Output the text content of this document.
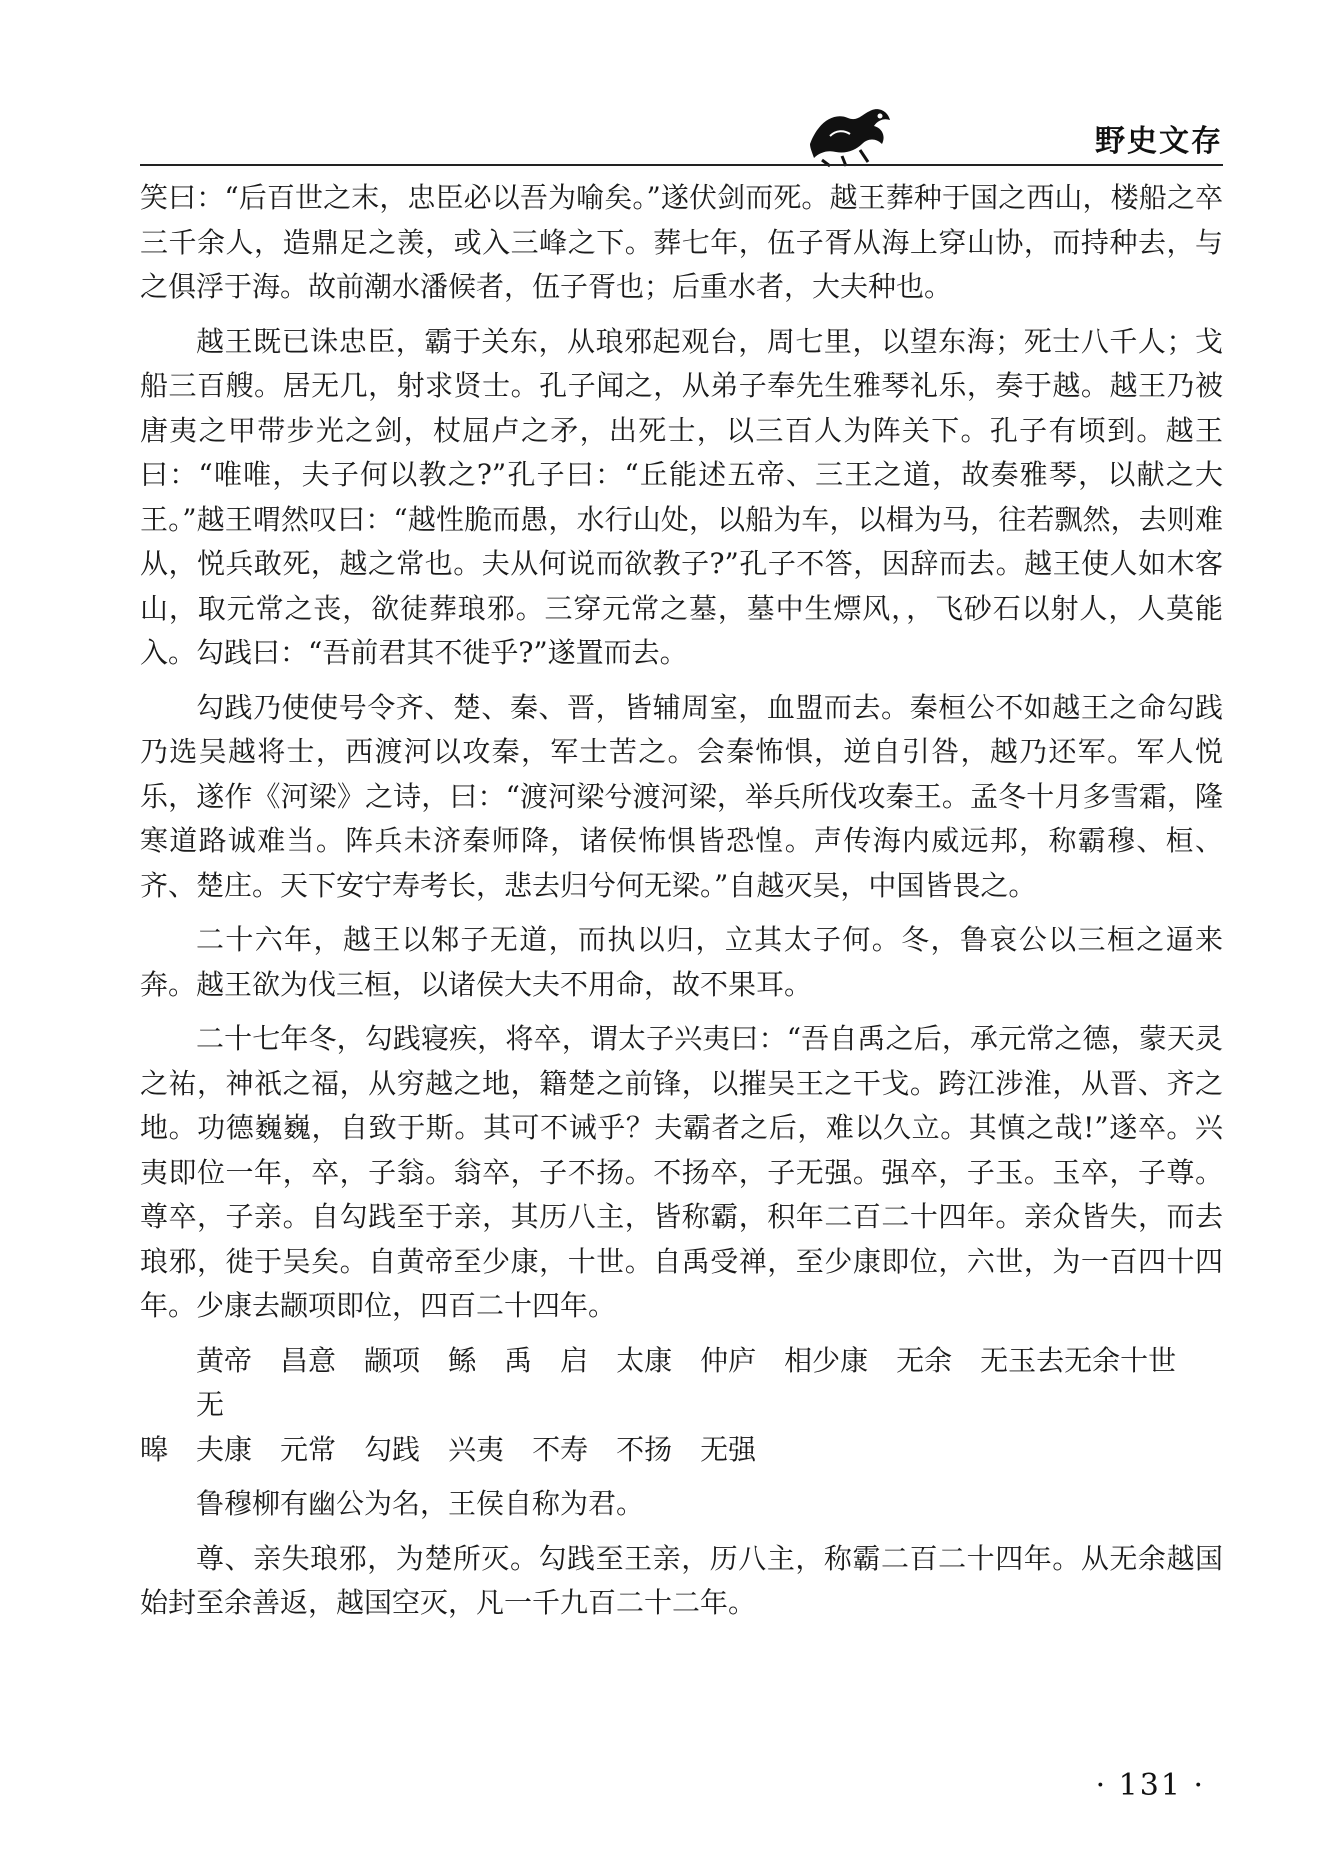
野史文存

笑曰：“后百世之末，忠臣必以吾为喻矣。”遂伏剑而死。越王葬种于国之西山，楼船之卒三千余人，造鼎足之羡，或入三峰之下。葬七年，伍子胥从海上穿山协，而持种去，与之俱浮于海。故前潮水潘候者，伍子胥也；后重水者，大夫种也。

越王既已诛忠臣，霸于关东，从琅邪起观台，周七里，以望东海；死士八千人；戈船三百艘。居无几，射求贤士。孔子闻之，从弟子奉先生雅琴礼乐，奏于越。越王乃被唐夷之甲带步光之剑，杖屈卢之矛，出死士，以三百人为阵关下。孔子有顷到。越王曰：“唯唯，夫子何以教之?”孔子曰：“丘能述五帝、三王之道，故奏雅琴，以献之大王。”越王喟然叹曰：“越性脆而愚，水行山处，以船为车，以楫为马，往若飘然，去则难从，悦兵敢死，越之常也。夫从何说而欲教子?”孔子不答，因辞而去。越王使人如木客山，取元常之丧，欲徒葬琅邪。三穿元常之墓，墓中生熛风，，飞砂石以射人，人莫能入。勾践曰：“吾前君其不徙乎?”遂置而去。

勾践乃使使号令齐、楚、秦、晋，皆辅周室，血盟而去。秦桓公不如越王之命勾践乃选吴越将士，西渡河以攻秦，军士苦之。会秦怖惧，逆自引咎，越乃还军。军人悦乐，遂作《河梁》之诗，曰：“渡河梁兮渡河梁，举兵所伐攻秦王。孟冬十月多雪霜，隆寒道路诚难当。阵兵未济秦师降，诸侯怖惧皆恐惶。声传海内威远邦，称霸穆、桓、齐、楚庄。天下安宁寿考长，悲去归兮何无梁。”自越灭吴，中国皆畏之。

二十六年，越王以邾子无道，而执以归，立其太子何。冬，鲁哀公以三桓之逼来奔。越王欲为伐三桓，以诸侯大夫不用命，故不果耳。

二十七年冬，勾践寝疾，将卒，谓太子兴夷曰：“吾自禹之后，承元常之德，蒙天灵之祐，神祇之福，从穷越之地，籍楚之前锋，以摧吴王之干戈。跨江涉淮，从晋、齐之地。功德巍巍，自致于斯。其可不诫乎？夫霸者之后，难以久立。其慎之哉!”遂卒。兴夷即位一年，卒，子翁。翁卒，子不扬。不扬卒，子无强。强卒，子玉。玉卒，子尊。尊卒，子亲。自勾践至于亲，其历八主，皆称霸，积年二百二十四年。亲众皆失，而去琅邪，徙于吴矣。自黄帝至少康，十世。自禹受禅，至少康即位，六世，为一百四十四年。少康去颛项即位，四百二十四年。

黄帝 昌意 颛项 鲧 禹 启 太康 仲庐 相少康 无余 无玉去无余十世无
暤 夫康 元常 勾践 兴夷 不寿 不扬 无强

鲁穆柳有幽公为名，王侯自称为君。

尊、亲失琅邪，为楚所灭。勾践至王亲，历八主，称霸二百二十四年。从无余越国始封至余善返，越国空灭，凡一千九百二十二年。

· 131 ·
